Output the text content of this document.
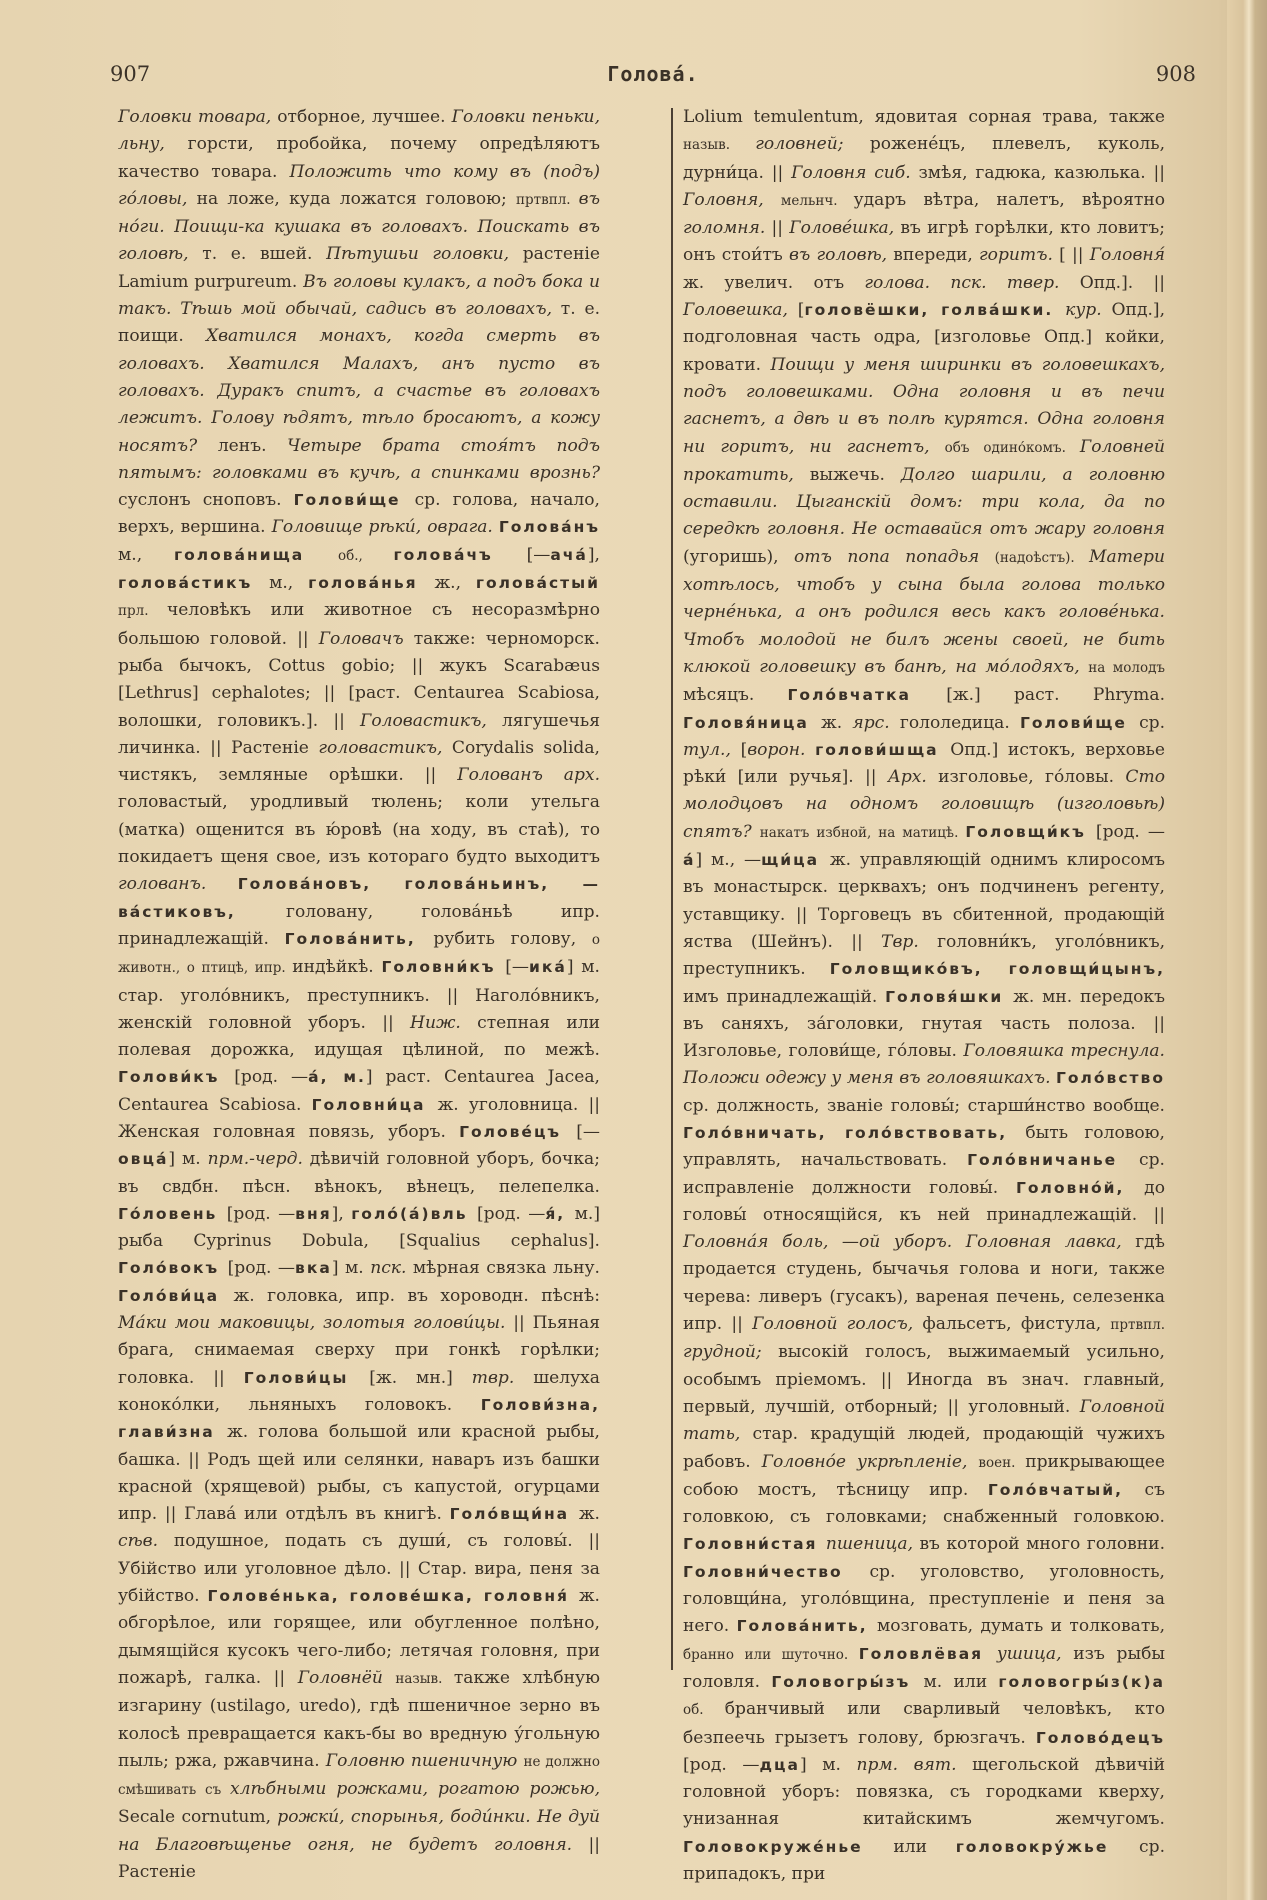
907	Голова́.	908

Головки товара, отборное, лучшее. Головки пеньки, льну, горсти, пробойка, почему опредѣляютъ качество товара. Положить что кому въ (подъ) го́ловы, на ложе, куда ложатся головою; пртвпл. въ но́ги. Поищи-ка кушака въ головахъ. Поискать въ головѣ, т. е. вшей. Пѣтушьи головки, растенiе Lamium purpureum. Въ головы кулакъ, а подъ бока и такъ. Тѣшь мой обычай, садись въ головахъ, т. е. поищи. Хватился монахъ, когда смерть въ головахъ. Хватился Малахъ, анъ пусто въ головахъ. Дуракъ спитъ, а счастье въ головахъ лежитъ. Голову ѣдятъ, тѣло бросаютъ, а кожу носятъ? ленъ. Четыре брата стоя́тъ подъ пятымъ: головками въ кучѣ, а спинками врознь? суслонъ сноповъ. Голови́ще ср. голова, начало, верхъ, вершина. Головище рѣки́, оврага. Голова́нъ м., голова́нища об., голова́чъ [—ача́], голова́стикъ м., голова́нья ж., голова́стый прл. человѣкъ или животное съ несоразмѣрно большою головой. || Головачъ также: черноморск. рыба бычокъ, Cottus gobio; || жукъ Scarabæus [Lethrus] cephalotes; || [раст. Centaurea Scabiosa, волошки, головикъ.]. || Головастикъ, лягушечья личинка. || Растенiе головастикъ, Corydalis solida, чистякъ, земляные орѣшки. || Голованъ арх. головастый, уродливый тюлень; коли утельга (матка) ощенится въ ю́ровѣ (на ходу, въ стаѣ), то покидаетъ щеня свое, изъ котораго будто выходитъ голованъ. Голова́новъ, голова́ньинъ, —ва́стиковъ, головану, голова́ньѣ ипр. принадлежащiй. Голова́нить, рубить голову, о животн., о птицѣ, ипр. индѣйкѣ. Головни́къ [—ика́] м. стар. уголо́вникъ, преступникъ. || Наголо́вникъ, женскiй головной уборъ. || Ниж. степная или полевая дорожка, идущая цѣлиной, по межѣ. Голови́къ [род. —а́, м.] раст. Centaurea Jacea, Centaurea Scabiosa. Головни́ца ж. уголовница. || Женская головная повязь, уборъ. Голове́цъ [—овца́] м. прм.-черд. дѣвичiй головной уборъ, бочка; въ свдбн. пѣсн. вѣнокъ, вѣнецъ, пелепелка. Го́ловень [род. —вня], голо́(а́)вль [род. —я́, м.] рыба Cyprinus Dobula, [Squalius cephalus]. Голо́вокъ [род. —вка] м. пск. мѣрная связка льну. Голо́ви́ца ж. головка, ипр. въ хороводн. пѣснѣ: Ма́ки мои маковицы, золотыя голови́цы. || Пьяная брага, снимаемая сверху при гонкѣ горѣлки; головка. || Голови́цы [ж. мн.] твр. шелуха коноко́лки, льняныхъ головокъ. Голови́зна, глави́зна ж. голова большой или красной рыбы, башка. || Родъ щей или селянки, наваръ изъ башки красной (хрящевой) рыбы, съ капустой, огурцами ипр. || Глава́ или отдѣлъ въ книгѣ. Голо́вщи́на ж. сѣв. подушное, подать съ души́, съ головы́. || Убiйство или уголовное дѣло. || Стар. вира, пеня за убiйство. Голове́нька, голове́шка, головня́ ж. обгорѣлое, или горящее, или обугленное полѣно, дымящiйся кусокъ чего-либо; летячая головня, при пожарѣ, галка. || Головнёй назыв. также хлѣбную изгарину (ustilago, uredo), гдѣ пшеничное зерно въ колосѣ превращается какъ-бы во вредную у́гольную пыль; ржа, ржавчина. Головню пшеничную не должно смѣшивать съ хлѣбными рожками, рогатою рожью, Secale cornutum, рожки́, спорынья, боди́нки. Не дуй на Благовѣщенье огня, не будетъ головня. || Растенiе

Lolium temulentum, ядовитая сорная трава, также назыв. головней; роженéцъ, плевелъ, куколь, дурни́ца. || Головня сиб. змѣя, гадюка, казюлька. || Головня, мельнч. ударъ вѣтра, налетъ, вѣроятно голомня. || Головéшка, въ игрѣ горѣлки, кто ловитъ; онъ стои́тъ въ головѣ, впереди, горитъ. [ || Головня́ ж. увелич. отъ голова. пск. твер. Опд.]. || Головешка, [головёшки, голва́шки. кур. Опд.], подголовная часть одра, [изголовье Опд.] койки, кровати. Поищи у меня ширинки въ головешкахъ, подъ головешками. Одна головня и въ печи гаснетъ, а двѣ и въ полѣ курятся. Одна головня ни горитъ, ни гаснетъ, объ одино́комъ. Головней прокатить, выжечь. Долго шарили, а головню оставили. Цыганскiй домъ: три кола, да по середкѣ головня. Не оставайся отъ жару головня (угоришь), отъ попа попадья (надоѣстъ). Матери хотѣлось, чтобъ у сына была голова только чернéнька, а онъ родился весь какъ головéнька. Чтобъ молодой не билъ жены своей, не бить клюкой головешку въ банѣ, на мо́лодяхъ, на молодъ мѣсяцъ. Голо́вчатка [ж.] раст. Phryma. Головя́ница ж. ярс. гололедица. Голови́ще ср. тул., [ворон. голови́шща Опд.] истокъ, верховье рѣки́ [или ручья]. || Арх. изголовье, го́ловы. Сто молодцовъ на одномъ головищѣ (изголовьѣ) спятъ? накатъ избной, на матицѣ. Головщи́къ [род. —а́] м., —щи́ца ж. управляющiй однимъ клиросомъ въ монастырск. церквахъ; онъ подчиненъ регенту, уставщику. || Торговецъ въ сбитенной, продающiй яства (Шейнъ). || Твр. головни́къ, уголо́вникъ, преступникъ. Головщико́въ, головщи́цынъ, имъ принадлежащiй. Головя́шки ж. мн. передокъ въ саняхъ, за́головки, гнутая часть полоза. || Изголовье, голови́ще, го́ловы. Головяшка треснула. Положи одежу у меня въ головяшкахъ. Голо́вство ср. должность, званiе головы́; старши́нство вообще. Голо́вничать, голо́вствовать, быть головою, управлять, начальствовать. Голо́вничанье ср. исправленiе должности головы́. Головно́й, до головы́ относящiйся, къ ней принадлежащiй. || Головна́я боль, —ой уборъ. Головная лавка, гдѣ продается студень, бычачья голова и ноги, также черева: ливеръ (гусакъ), вареная печень, селезенка ипр. || Головной голосъ, фальсетъ, фистула, пртвпл. грудной; высокiй голосъ, выжимаемый усильно, особымъ прiемомъ. || Иногда въ знач. главный, первый, лучшiй, отборный; || уголовный. Головной тать, стар. крадущiй людей, продающiй чужихъ рабовъ. Головно́е укрѣпленiе, воен. прикрывающее собою мостъ, тѣсницу ипр. Голо́вчатый, съ головкою, съ головками; снабженный головкою. Головни́стая пшеница, въ которой много головни. Головни́чество ср. уголовство, уголовность, головщи́на, уголо́вщина, преступленiе и пеня за него. Голова́нить, мозговать, думать и толковать, бранно или шуточно. Головлёвая ушица, изъ рыбы головля. Головогры́зъ м. или головогры́з(к)а об. бранчивый или сварливый человѣкъ, кто безпеечь грызетъ голову, брюзгачъ. Головóдецъ [род. —дца] м. прм. вят. щегольской дѣвичiй головной уборъ: повязка, съ городками кверху, унизанная китайскимъ жемчугомъ. Головокруже́нье или головокру́жье ср. припадокъ, при
